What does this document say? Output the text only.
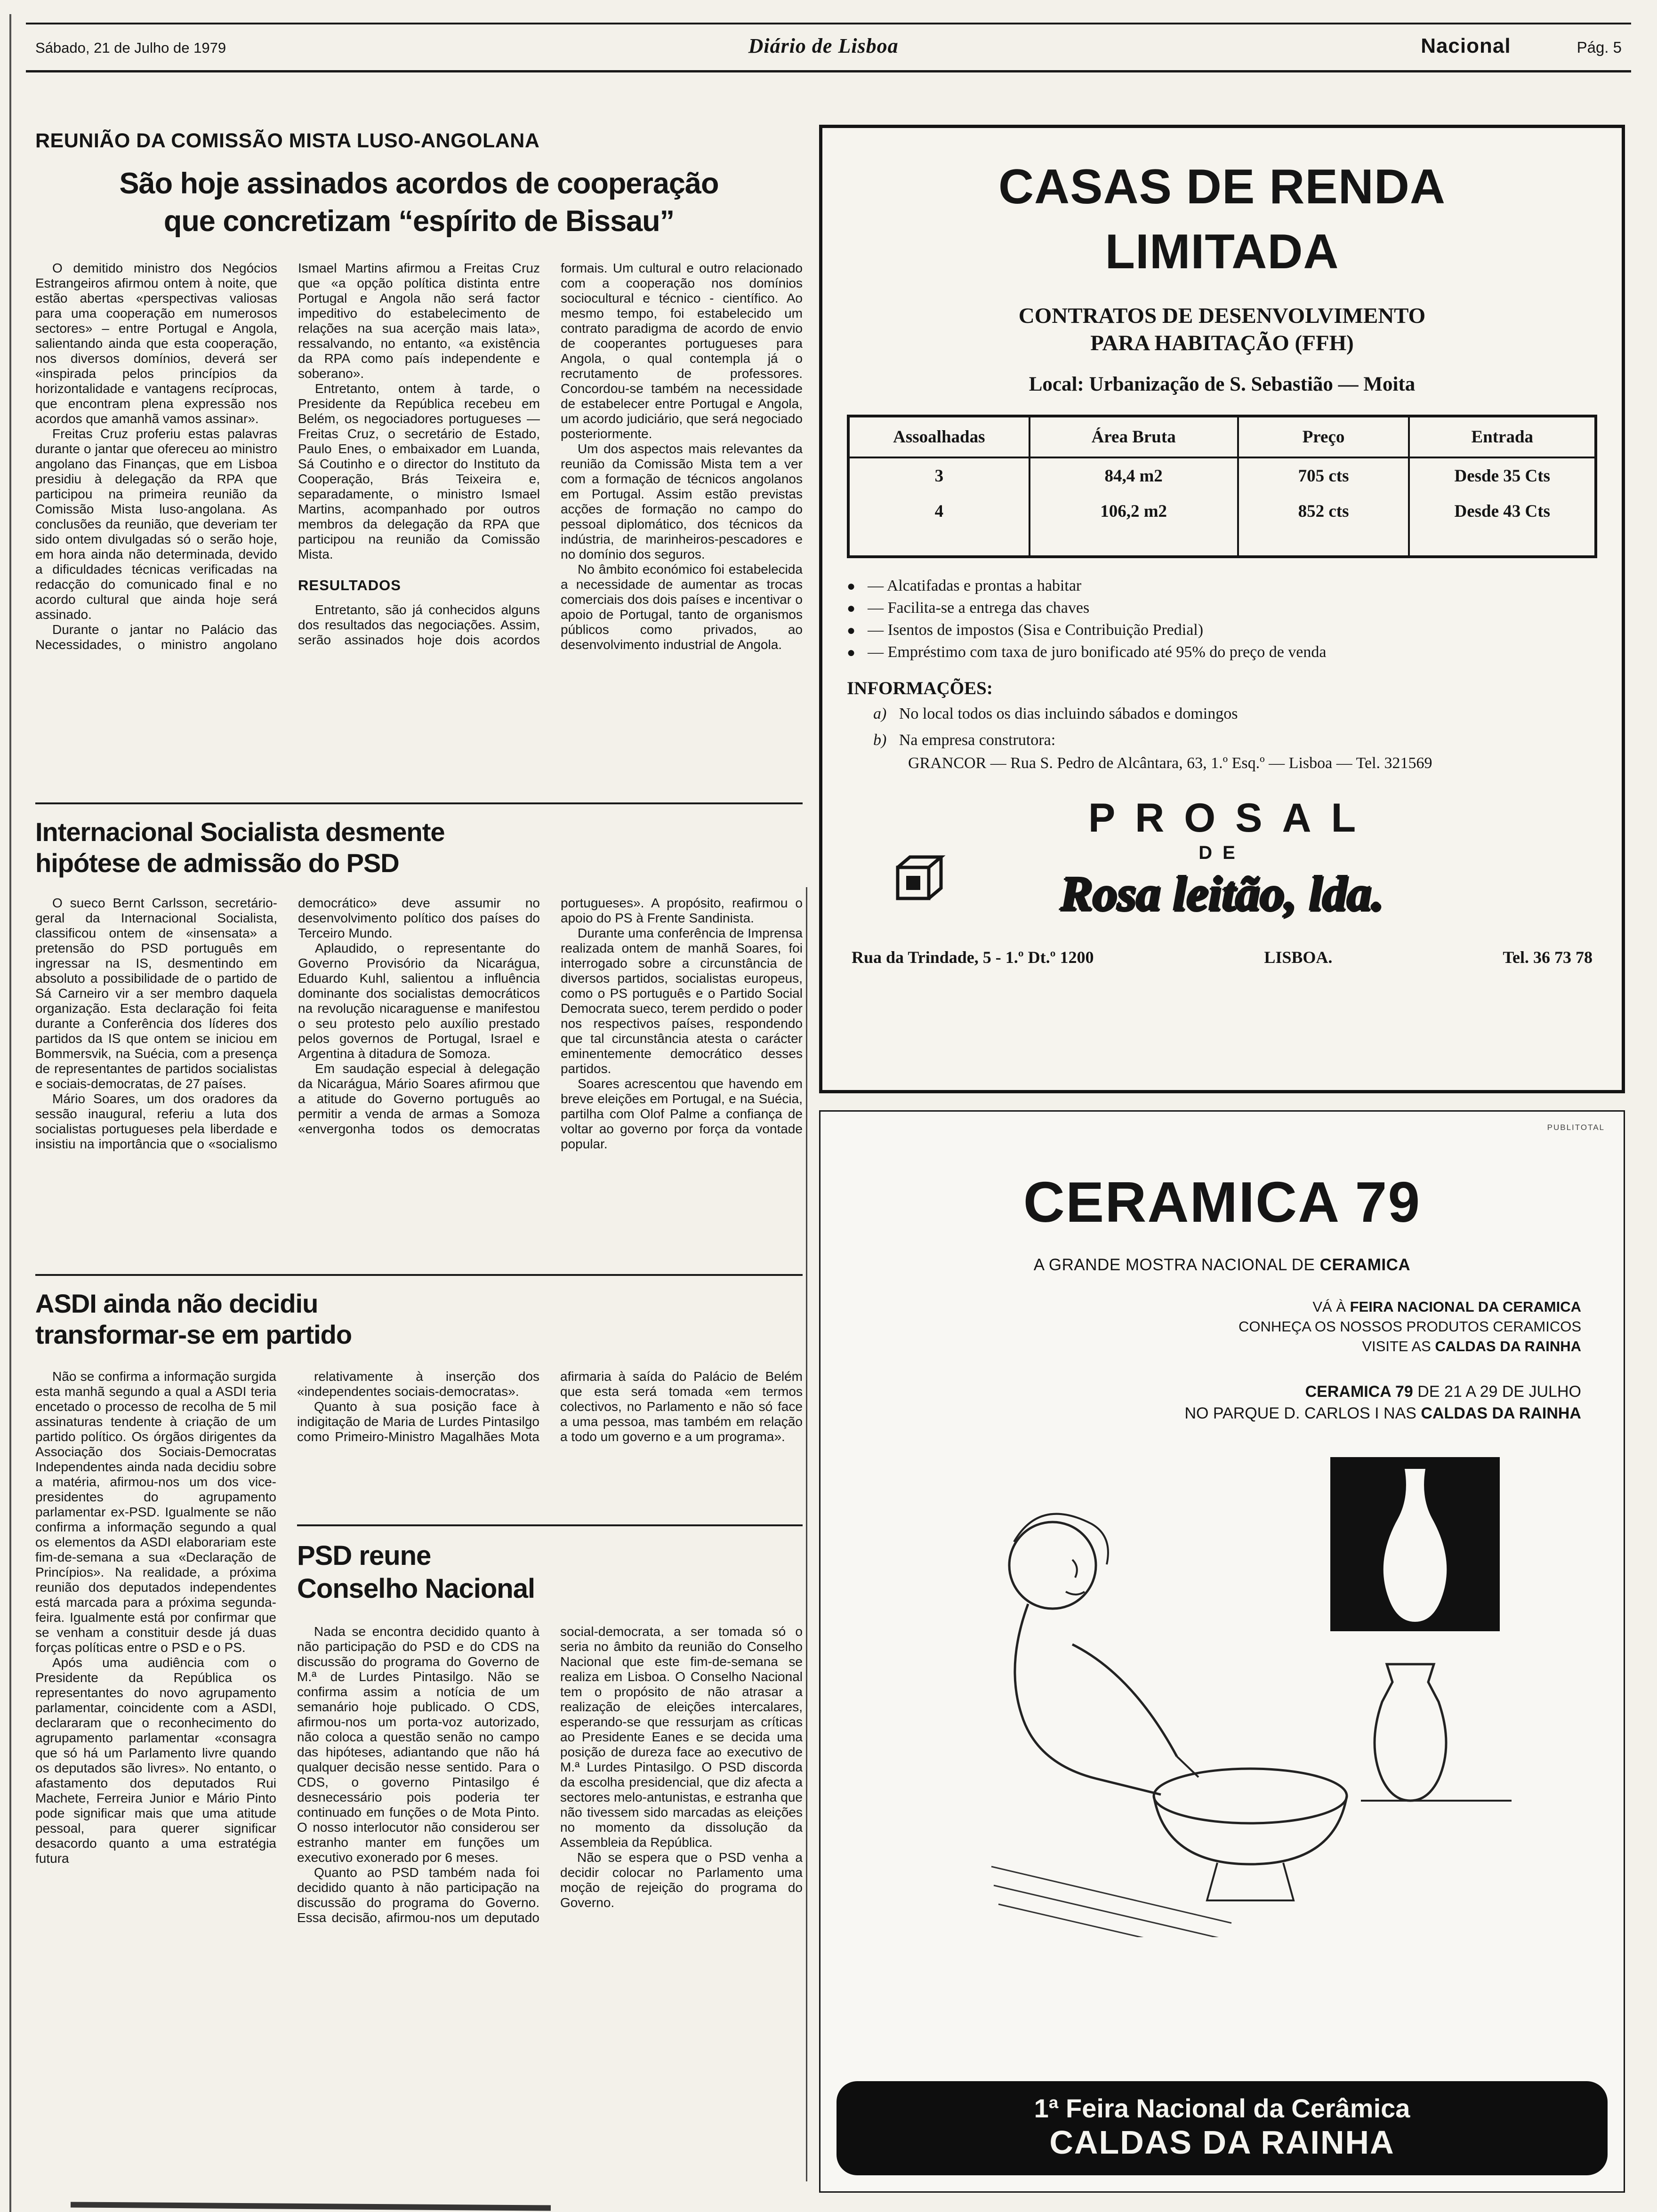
Sábado, 21 de Julho de 1979	Diário de Lisboa	Nacional	Pág. 5
REUNIÃO DA COMISSÃO MISTA LUSO-ANGOLANA
São hoje assinados acordos de cooperação
que concretizam “espírito de Bissau”

O demitido ministro dos Negócios Estrangeiros afirmou ontem à noite, que estão abertas «perspectivas valiosas para uma cooperação em numerosos sectores» – entre Portugal e Angola, salientando ainda que esta cooperação, nos diversos domínios, deverá ser «inspirada pelos princípios da horizontalidade e vantagens recíprocas, que encontram plena expressão nos acordos que amanhã vamos assinar».

Freitas Cruz proferiu estas palavras durante o jantar que ofereceu ao ministro angolano das Finanças, que em Lisboa presidiu à delegação da RPA que participou na primeira reunião da Comissão Mista luso-angolana. As conclusões da reunião, que deveriam ter sido ontem divulgadas só o serão hoje, em hora ainda não determinada, devido a dificuldades técnicas verificadas na redacção do comunicado final e no acordo cultural que ainda hoje será assinado.

Durante o jantar no Palácio das Necessidades, o ministro angolano Ismael Martins afirmou a Freitas Cruz que «a opção política distinta entre Portugal e Angola não será factor impeditivo do estabelecimento de relações na sua acerção mais lata», ressalvando, no entanto, «a existência da RPA como país independente e soberano».

Entretanto, ontem à tarde, o Presidente da República recebeu em Belém, os negociadores portugueses — Freitas Cruz, o secretário de Estado, Paulo Enes, o embaixador em Luanda, Sá Coutinho e o director do Instituto da Cooperação, Brás Teixeira e, separadamente, o ministro Ismael Martins, acompanhado por outros membros da delegação da RPA que participou na reunião da Comissão Mista.

RESULTADOS

Entretanto, são já conhecidos alguns dos resultados das negociações. Assim, serão assinados hoje dois acordos formais. Um cultural e outro relacionado com a cooperação nos domínios sociocultural e técnico - científico. Ao mesmo tempo, foi estabelecido um contrato paradigma de acordo de envio de cooperantes portugueses para Angola, o qual contempla já o recrutamento de professores. Concordou-se também na necessidade de estabelecer entre Portugal e Angola, um acordo judiciário, que será negociado posteriormente.

Um dos aspectos mais relevantes da reunião da Comissão Mista tem a ver com a formação de técnicos angolanos em Portugal. Assim estão previstas acções de formação no campo do pessoal diplomático, dos técnicos da indústria, de marinheiros-pescadores e no domínio dos seguros.

No âmbito económico foi estabelecida a necessidade de aumentar as trocas comerciais dos dois países e incentivar o apoio de Portugal, tanto de organismos públicos como privados, ao desenvolvimento industrial de Angola.

Internacional Socialista desmente
hipótese de admissão do PSD

O sueco Bernt Carlsson, secretário-geral da Internacional Socialista, classificou ontem de «insensata» a pretensão do PSD português em ingressar na IS, desmentindo em absoluto a possibilidade de o partido de Sá Carneiro vir a ser membro daquela organização. Esta declaração foi feita durante a Conferência dos líderes dos partidos da IS que ontem se iniciou em Bommersvik, na Suécia, com a presença de representantes de partidos socialistas e sociais-democratas, de 27 países.

Mário Soares, um dos oradores da sessão inaugural, referiu a luta dos socialistas portugueses pela liberdade e insistiu na importância que o «socialismo democrático» deve assumir no desenvolvimento político dos países do Terceiro Mundo.

Aplaudido, o representante do Governo Provisório da Nicarágua, Eduardo Kuhl, salientou a influência dominante dos socialistas democráticos na revolução nicaraguense e manifestou o seu protesto pelo auxílio prestado pelos governos de Portugal, Israel e Argentina à ditadura de Somoza.

Em saudação especial à delegação da Nicarágua, Mário Soares afirmou que a atitude do Governo português ao permitir a venda de armas a Somoza «envergonha todos os democratas portugueses». A propósito, reafirmou o apoio do PS à Frente Sandinista.

Durante uma conferência de Imprensa realizada ontem de manhã Soares, foi interrogado sobre a circunstância de diversos partidos, socialistas europeus, como o PS português e o Partido Social Democrata sueco, terem perdido o poder nos respectivos países, respondendo que tal circunstância atesta o carácter eminentemente democrático desses partidos.

Soares acrescentou que havendo em breve eleições em Portugal, e na Suécia, partilha com Olof Palme a confiança de voltar ao governo por força da vontade popular.

ASDI ainda não decidiu
transformar-se em partido

Não se confirma a informação surgida esta manhã segundo a qual a ASDI teria encetado o processo de recolha de 5 mil assinaturas tendente à criação de um partido político. Os órgãos dirigentes da Associação dos Sociais-Democratas Independentes ainda nada decidiu sobre a matéria, afirmou-nos um dos vice-presidentes do agrupamento parlamentar ex-PSD. Igualmente se não confirma a informação segundo a qual os elementos da ASDI elaborariam este fim-de-semana a sua «Declaração de Princípios». Na realidade, a próxima reunião dos deputados independentes está marcada para a próxima segunda-feira. Igualmente está por confirmar que se venham a constituir desde já duas forças políticas entre o PSD e o PS.

Após uma audiência com o Presidente da República os representantes do novo agrupamento parlamentar, coincidente com a ASDI, declararam que o reconhecimento do agrupamento parlamentar «consagra que só há um Parlamento livre quando os deputados são livres». No entanto, o afastamento dos deputados Rui Machete, Ferreira Junior e Mário Pinto pode significar mais que uma atitude pessoal, para querer significar desacordo quanto a uma estratégia futura

relativamente à inserção dos «independentes sociais-democratas».

Quanto à sua posição face à indigitação de Maria de Lurdes Pintasilgo como Primeiro-Ministro Magalhães Mota afirmaria à saída do Palácio de Belém que esta será tomada «em termos colectivos, no Parlamento e não só face a uma pessoa, mas também em relação a todo um governo e a um programa».

PSD reune
Conselho Nacional

Nada se encontra decidido quanto à não participação do PSD e do CDS na discussão do programa do Governo de M.ª de Lurdes Pintasilgo. Não se confirma assim a notícia de um semanário hoje publicado. O CDS, afirmou-nos um porta-voz autorizado, não coloca a questão senão no campo das hipóteses, adiantando que não há qualquer decisão nesse sentido. Para o CDS, o governo Pintasilgo é desnecessário pois poderia ter continuado em funções o de Mota Pinto. O nosso interlocutor não considerou ser estranho manter em funções um executivo exonerado por 6 meses.

Quanto ao PSD também nada foi decidido quanto à não participação na discussão do programa do Governo. Essa decisão, afirmou-nos um deputado social-democrata, a ser tomada só o seria no âmbito da reunião do Conselho Nacional que este fim-de-semana se realiza em Lisboa. O Conselho Nacional tem o propósito de não atrasar a realização de eleições intercalares, esperando-se que ressurjam as críticas ao Presidente Eanes e se decida uma posição de dureza face ao executivo de M.ª Lurdes Pintasilgo. O PSD discorda da escolha presidencial, que diz afecta a sectores melo-antunistas, e estranha que não tivessem sido marcadas as eleições no momento da dissolução da Assembleia da República.

Não se espera que o PSD venha a decidir colocar no Parlamento uma moção de rejeição do programa do Governo.

CASAS DE RENDA
LIMITADA
CONTRATOS DE DESENVOLVIMENTO
PARA HABITAÇÃO (FFH)
Local: Urbanização de S. Sebastião — Moita
Assoalhadas	Área Bruta	Preço	Entrada
3	84,4 m2	705 cts	Desde 35 Cts
4	106,2 m2	852 cts	Desde 43 Cts
● — Alcatifadas e prontas a habitar
● — Facilita-se a entrega das chaves
● — Isentos de impostos (Sisa e Contribuição Predial)
● — Empréstimo com taxa de juro bonificado até 95% do preço de venda
INFORMAÇÕES:
a) No local todos os dias incluindo sábados e domingos
b) Na empresa construtora:
GRANCOR — Rua S. Pedro de Alcântara, 63, 1.º Esq.º — Lisboa — Tel. 321569
PROSAL
DE
Rosa leitão, lda.
Rua da Trindade, 5 - 1.º Dt.º 1200	LISBOA.	Tel. 36 73 78
PUBLITOTAL
CERAMICA 79
A GRANDE MOSTRA NACIONAL DE CERAMICA
VÁ À FEIRA NACIONAL DA CERAMICA
CONHEÇA OS NOSSOS PRODUTOS CERAMICOS
VISITE AS CALDAS DA RAINHA
CERAMICA 79 DE 21 A 29 DE JULHO
NO PARQUE D. CARLOS I NAS CALDAS DA RAINHA
1ª Feira Nacional da Cerâmica
CALDAS DA RAINHA
